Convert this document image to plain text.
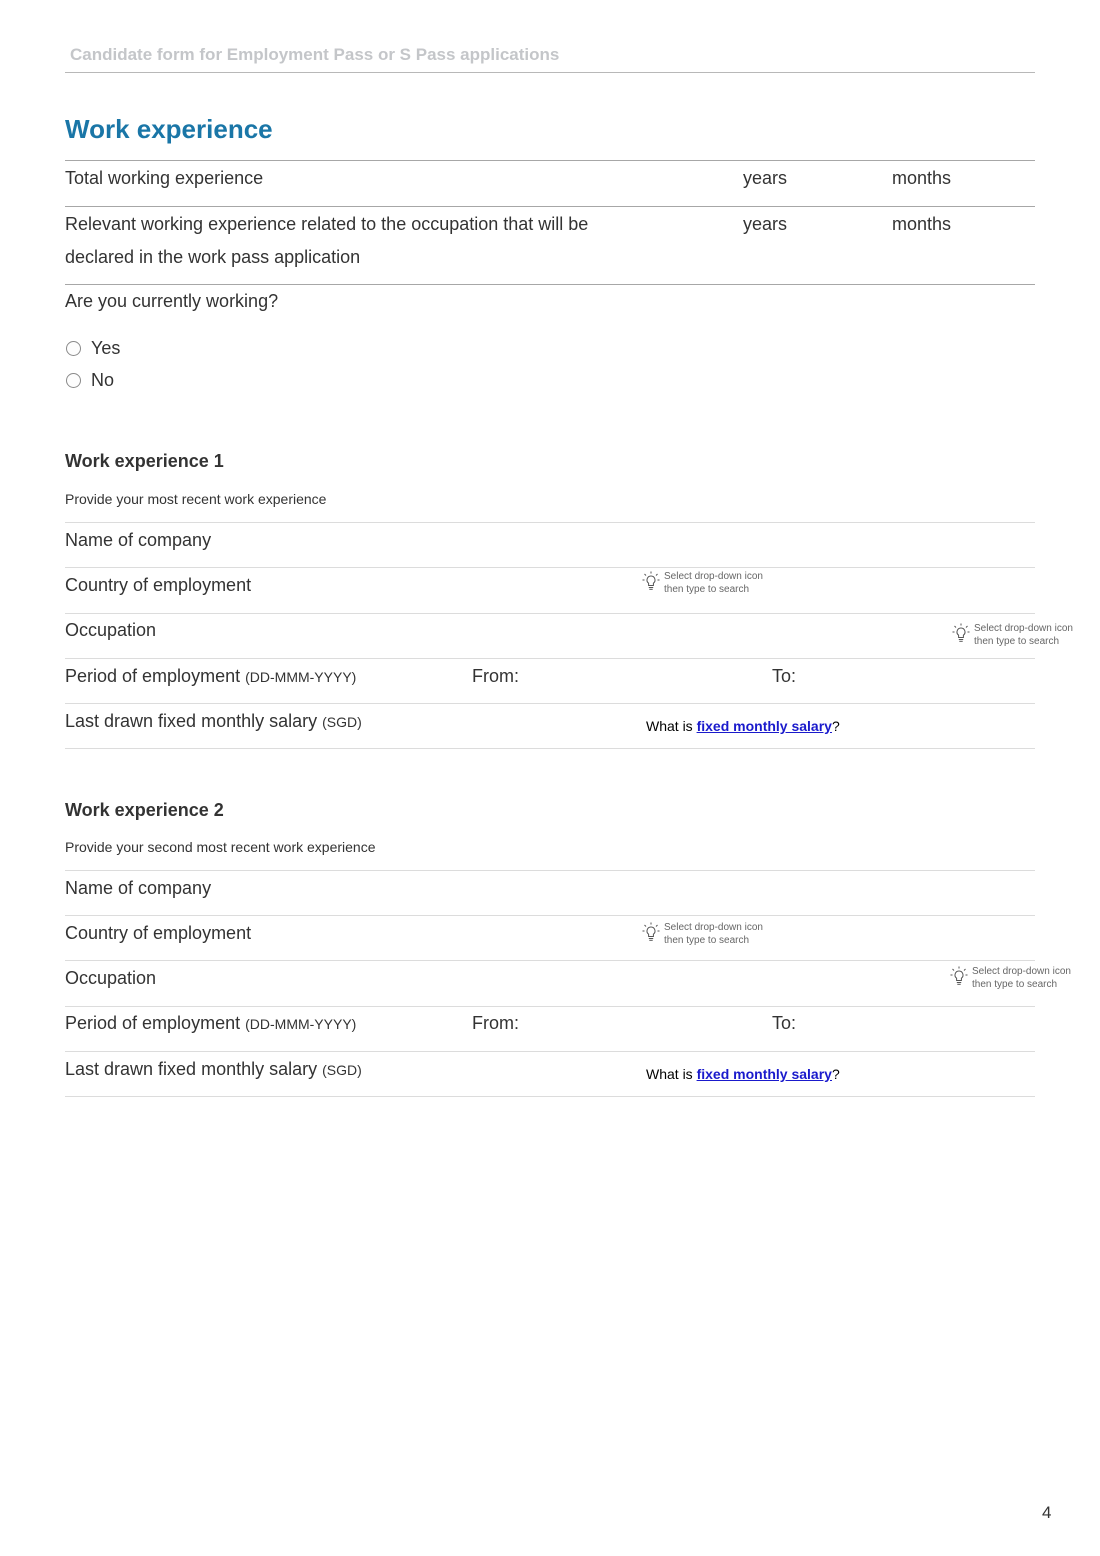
Candidate form for Employment Pass or S Pass applications
Work experience
Total working experience	years	months
Relevant working experience related to the occupation that will be
declared in the work pass application
years	months
Are you currently working?
Yes
No
Work experience 1
Provide your most recent work experience
Name of company
Country of employment	Select drop-down icon
then type to search
Occupation	Select drop-down icon
then type to search
Period of employment (DD-MMM-YYYY)	From:	To:
Last drawn fixed monthly salary (SGD)	What is fixed monthly salary?
Work experience 2
Provide your second most recent work experience
Name of company
Country of employment	Select drop-down icon
then type to search
Occupation	Select drop-down icon
then type to search
Period of employment (DD-MMM-YYYY)	From:	To:
Last drawn fixed monthly salary (SGD)	What is fixed monthly salary?
4
